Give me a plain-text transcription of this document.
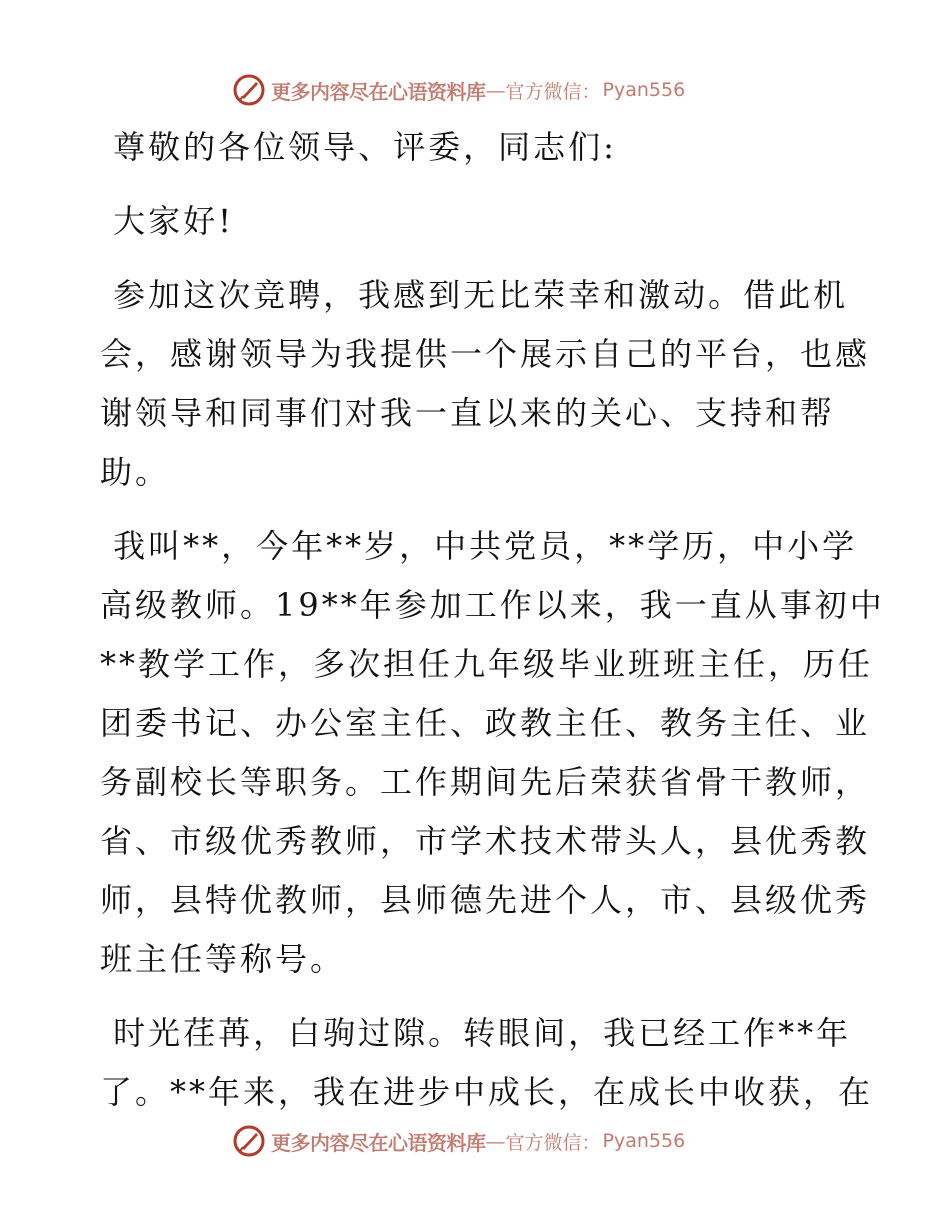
更多内容尽在心语资料库 — 官方微信： Pyan556

尊敬的各位领导、评委，同志们:

大家好!

参加这次竞聘，我感到无比荣幸和激动。借此机

会，感谢领导为我提供一个展示自己的平台，也感

谢领导和同事们对我一直以来的关心、支持和帮

助。

我叫**，今年**岁，中共党员，**学历，中小学

高级教师。19**年参加工作以来，我一直从事初中

**教学工作，多次担任九年级毕业班班主任，历任

团委书记、办公室主任、政教主任、教务主任、业

务副校长等职务。工作期间先后荣获省骨干教师，

省、市级优秀教师，市学术技术带头人，县优秀教

师，县特优教师，县师德先进个人，市、县级优秀

班主任等称号。

时光荏苒，白驹过隙。转眼间，我已经工作**年

了。**年来，我在进步中成长，在成长中收获，在

更多内容尽在心语资料库 — 官方微信： Pyan556
